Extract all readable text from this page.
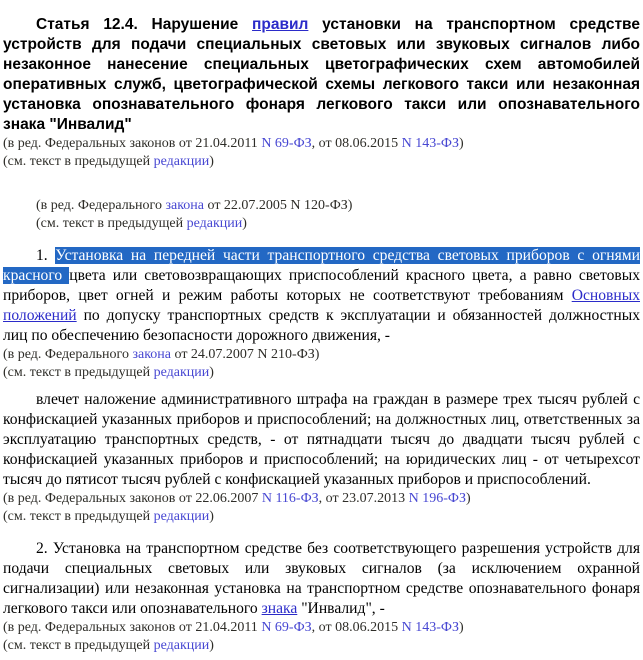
Статья 12.4. Нарушение правил установки на транспортном средстве устройств для подачи специальных световых или звуковых сигналов либо незаконное нанесение специальных цветографических схем автомобилей оперативных служб, цветографической схемы легкового такси или незаконная установка опознавательного фонаря легкового такси или опознавательного знака "Инвалид"
(в ред. Федеральных законов от 21.04.2011 N 69-ФЗ, от 08.06.2015 N 143-ФЗ)
(см. текст в предыдущей редакции)
(в ред. Федерального закона от 22.07.2005 N 120-ФЗ)
(см. текст в предыдущей редакции)
1. Установка на передней части транспортного средства световых приборов с огнями красного цвета или световозвращающих приспособлений красного цвета, а равно световых приборов, цвет огней и режим работы которых не соответствуют требованиям Основных положений по допуску транспортных средств к эксплуатации и обязанностей должностных лиц по обеспечению безопасности дорожного движения, -
(в ред. Федерального закона от 24.07.2007 N 210-ФЗ)
(см. текст в предыдущей редакции)
влечет наложение административного штрафа на граждан в размере трех тысяч рублей с конфискацией указанных приборов и приспособлений; на должностных лиц, ответственных за эксплуатацию транспортных средств, - от пятнадцати тысяч до двадцати тысяч рублей с конфискацией указанных приборов и приспособлений; на юридических лиц - от четырехсот тысяч до пятисот тысяч рублей с конфискацией указанных приборов и приспособлений.
(в ред. Федеральных законов от 22.06.2007 N 116-ФЗ, от 23.07.2013 N 196-ФЗ)
(см. текст в предыдущей редакции)
2. Установка на транспортном средстве без соответствующего разрешения устройств для подачи специальных световых или звуковых сигналов (за исключением охранной сигнализации) или незаконная установка на транспортном средстве опознавательного фонаря легкового такси или опознавательного знака "Инвалид", -
(в ред. Федеральных законов от 21.04.2011 N 69-ФЗ, от 08.06.2015 N 143-ФЗ)
(см. текст в предыдущей редакции)
